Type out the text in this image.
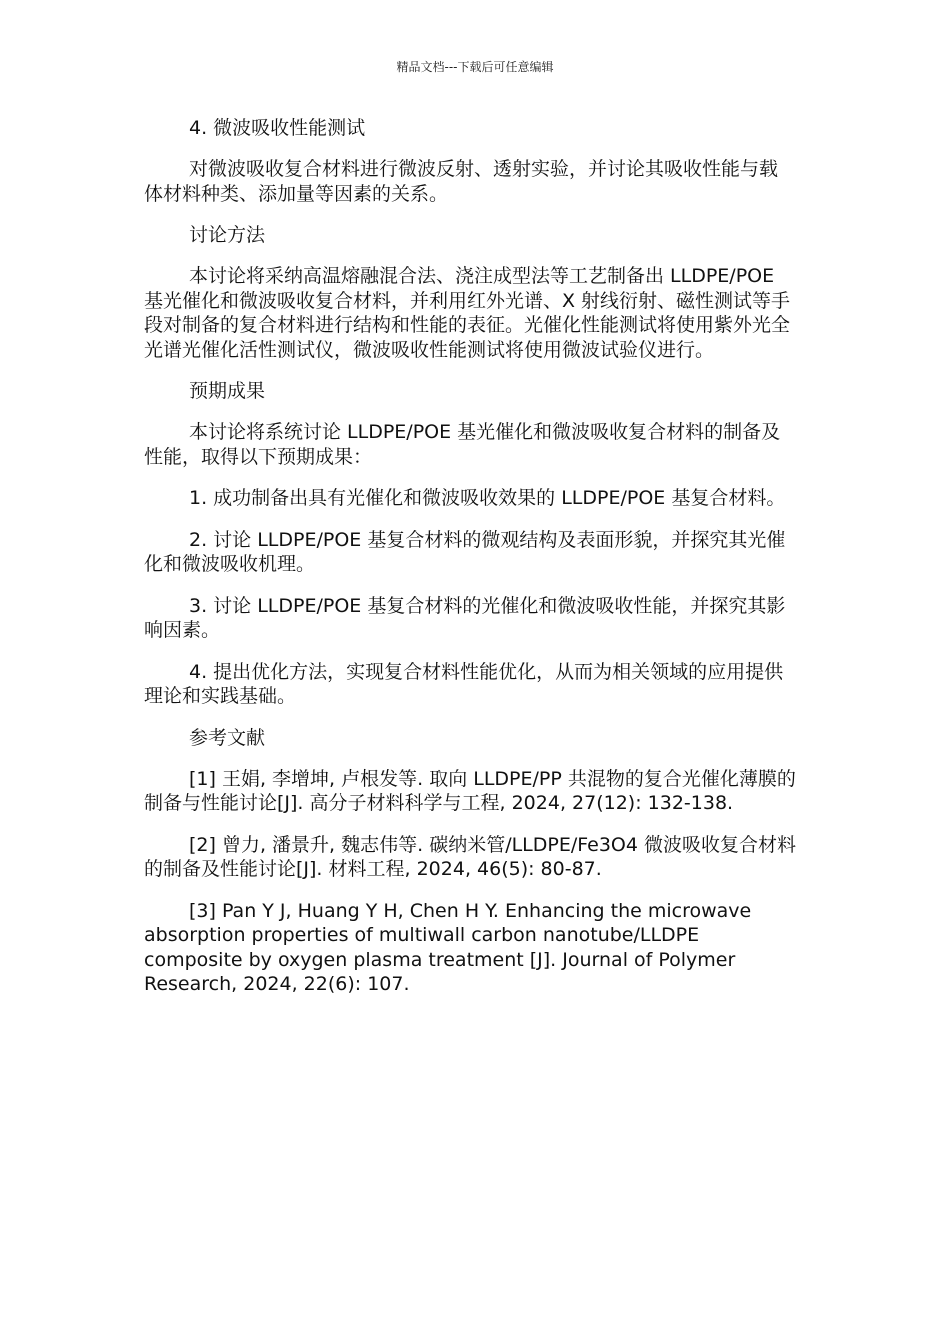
精品文档---下载后可任意编辑
4. 微波吸收性能测试
对微波吸收复合材料进行微波反射、透射实验，并讨论其吸收性能与载体材料种类、添加量等因素的关系。
讨论方法
本讨论将采纳高温熔融混合法、浇注成型法等工艺制备出 LLDPE/POE 基光催化和微波吸收复合材料，并利用红外光谱、X 射线衍射、磁性测试等手段对制备的复合材料进行结构和性能的表征。光催化性能测试将使用紫外光全光谱光催化活性测试仪，微波吸收性能测试将使用微波试验仪进行。
预期成果
本讨论将系统讨论 LLDPE/POE 基光催化和微波吸收复合材料的制备及性能，取得以下预期成果：
1. 成功制备出具有光催化和微波吸收效果的 LLDPE/POE 基复合材料。
2. 讨论 LLDPE/POE 基复合材料的微观结构及表面形貌，并探究其光催化和微波吸收机理。
3. 讨论 LLDPE/POE 基复合材料的光催化和微波吸收性能，并探究其影响因素。
4. 提出优化方法，实现复合材料性能优化，从而为相关领域的应用提供理论和实践基础。
参考文献
[1] 王娟, 李增坤, 卢根发等. 取向 LLDPE/PP 共混物的复合光催化薄膜的制备与性能讨论[J]. 高分子材料科学与工程, 2024, 27(12): 132-138.
[2] 曾力, 潘景升, 魏志伟等. 碳纳米管/LLDPE/Fe3O4 微波吸收复合材料的制备及性能讨论[J]. 材料工程, 2024, 46(5): 80-87.
[3] Pan Y J, Huang Y H, Chen H Y. Enhancing the microwave absorption properties of multiwall carbon nanotube/LLDPE composite by oxygen plasma treatment [J]. Journal of Polymer Research, 2024, 22(6): 107.
